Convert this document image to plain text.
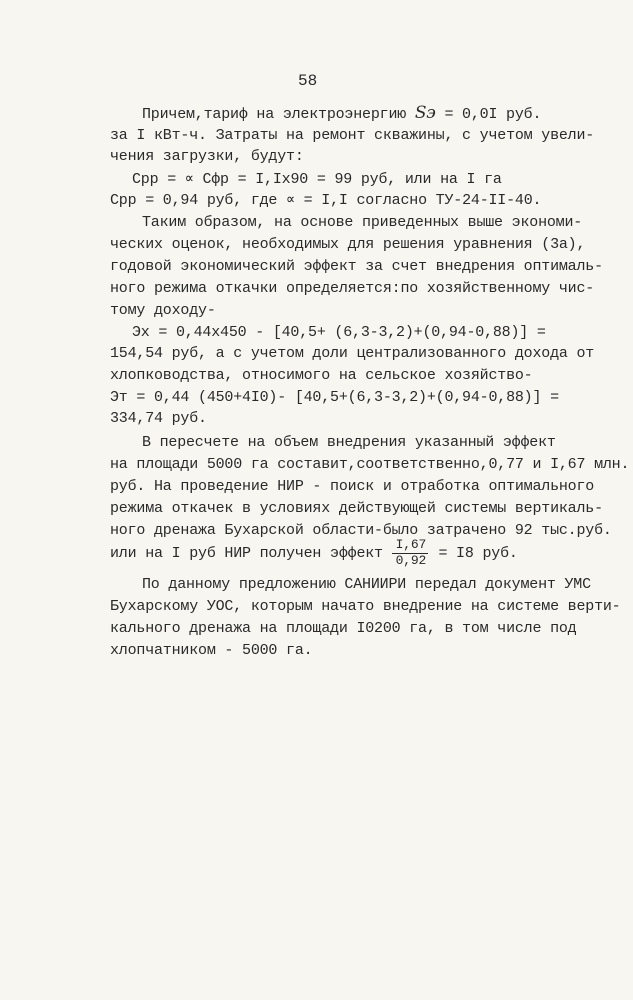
58
Причем,тариф на электроэнергию Sэ = 0,0I руб.
за I кВт-ч. Затраты на ремонт скважины, с учетом увели-
чения загрузки, будут:
Cрр = ∝ Cфр = I,Iх90 = 99 руб, или на I га
Cрр = 0,94 руб, где ∝ = I,I согласно ТУ-24-II-40.
Таким образом, на основе приведенных выше экономи-
ческих оценок, необходимых для решения уравнения (3а),
годовой экономический эффект за счет внедрения оптималь-
ного режима откачки определяется:по хозяйственному чис-
тому доходу-
Эх = 0,44х450 - [40,5+ (6,3-3,2)+(0,94-0,88)] =
154,54 руб, а с учетом доли централизованного дохода от
хлопководства, относимого на сельское хозяйство-
Эт = 0,44 (450+4I0)- [40,5+(6,3-3,2)+(0,94-0,88)] =
334,74 руб.
В пересчете на объем внедрения указанный эффект
на площади 5000 га составит,соответственно,0,77 и I,67 млн.
руб. На проведение НИР - поиск и отработка оптимального
режима откачек в условиях действующей системы вертикаль-
ного дренажа Бухарской области-было затрачено 92 тыс.руб.
или на I руб НИР получен эффект $\frac{I,67}{0,92} = I8$ руб.
По данному предложению САНИИРИ передал документ УМС
Бухарскому УОС, которым начато внедрение на системе верти-
кального дренажа на площади I0200 га, в том числе под
хлопчатником - 5000 га.
